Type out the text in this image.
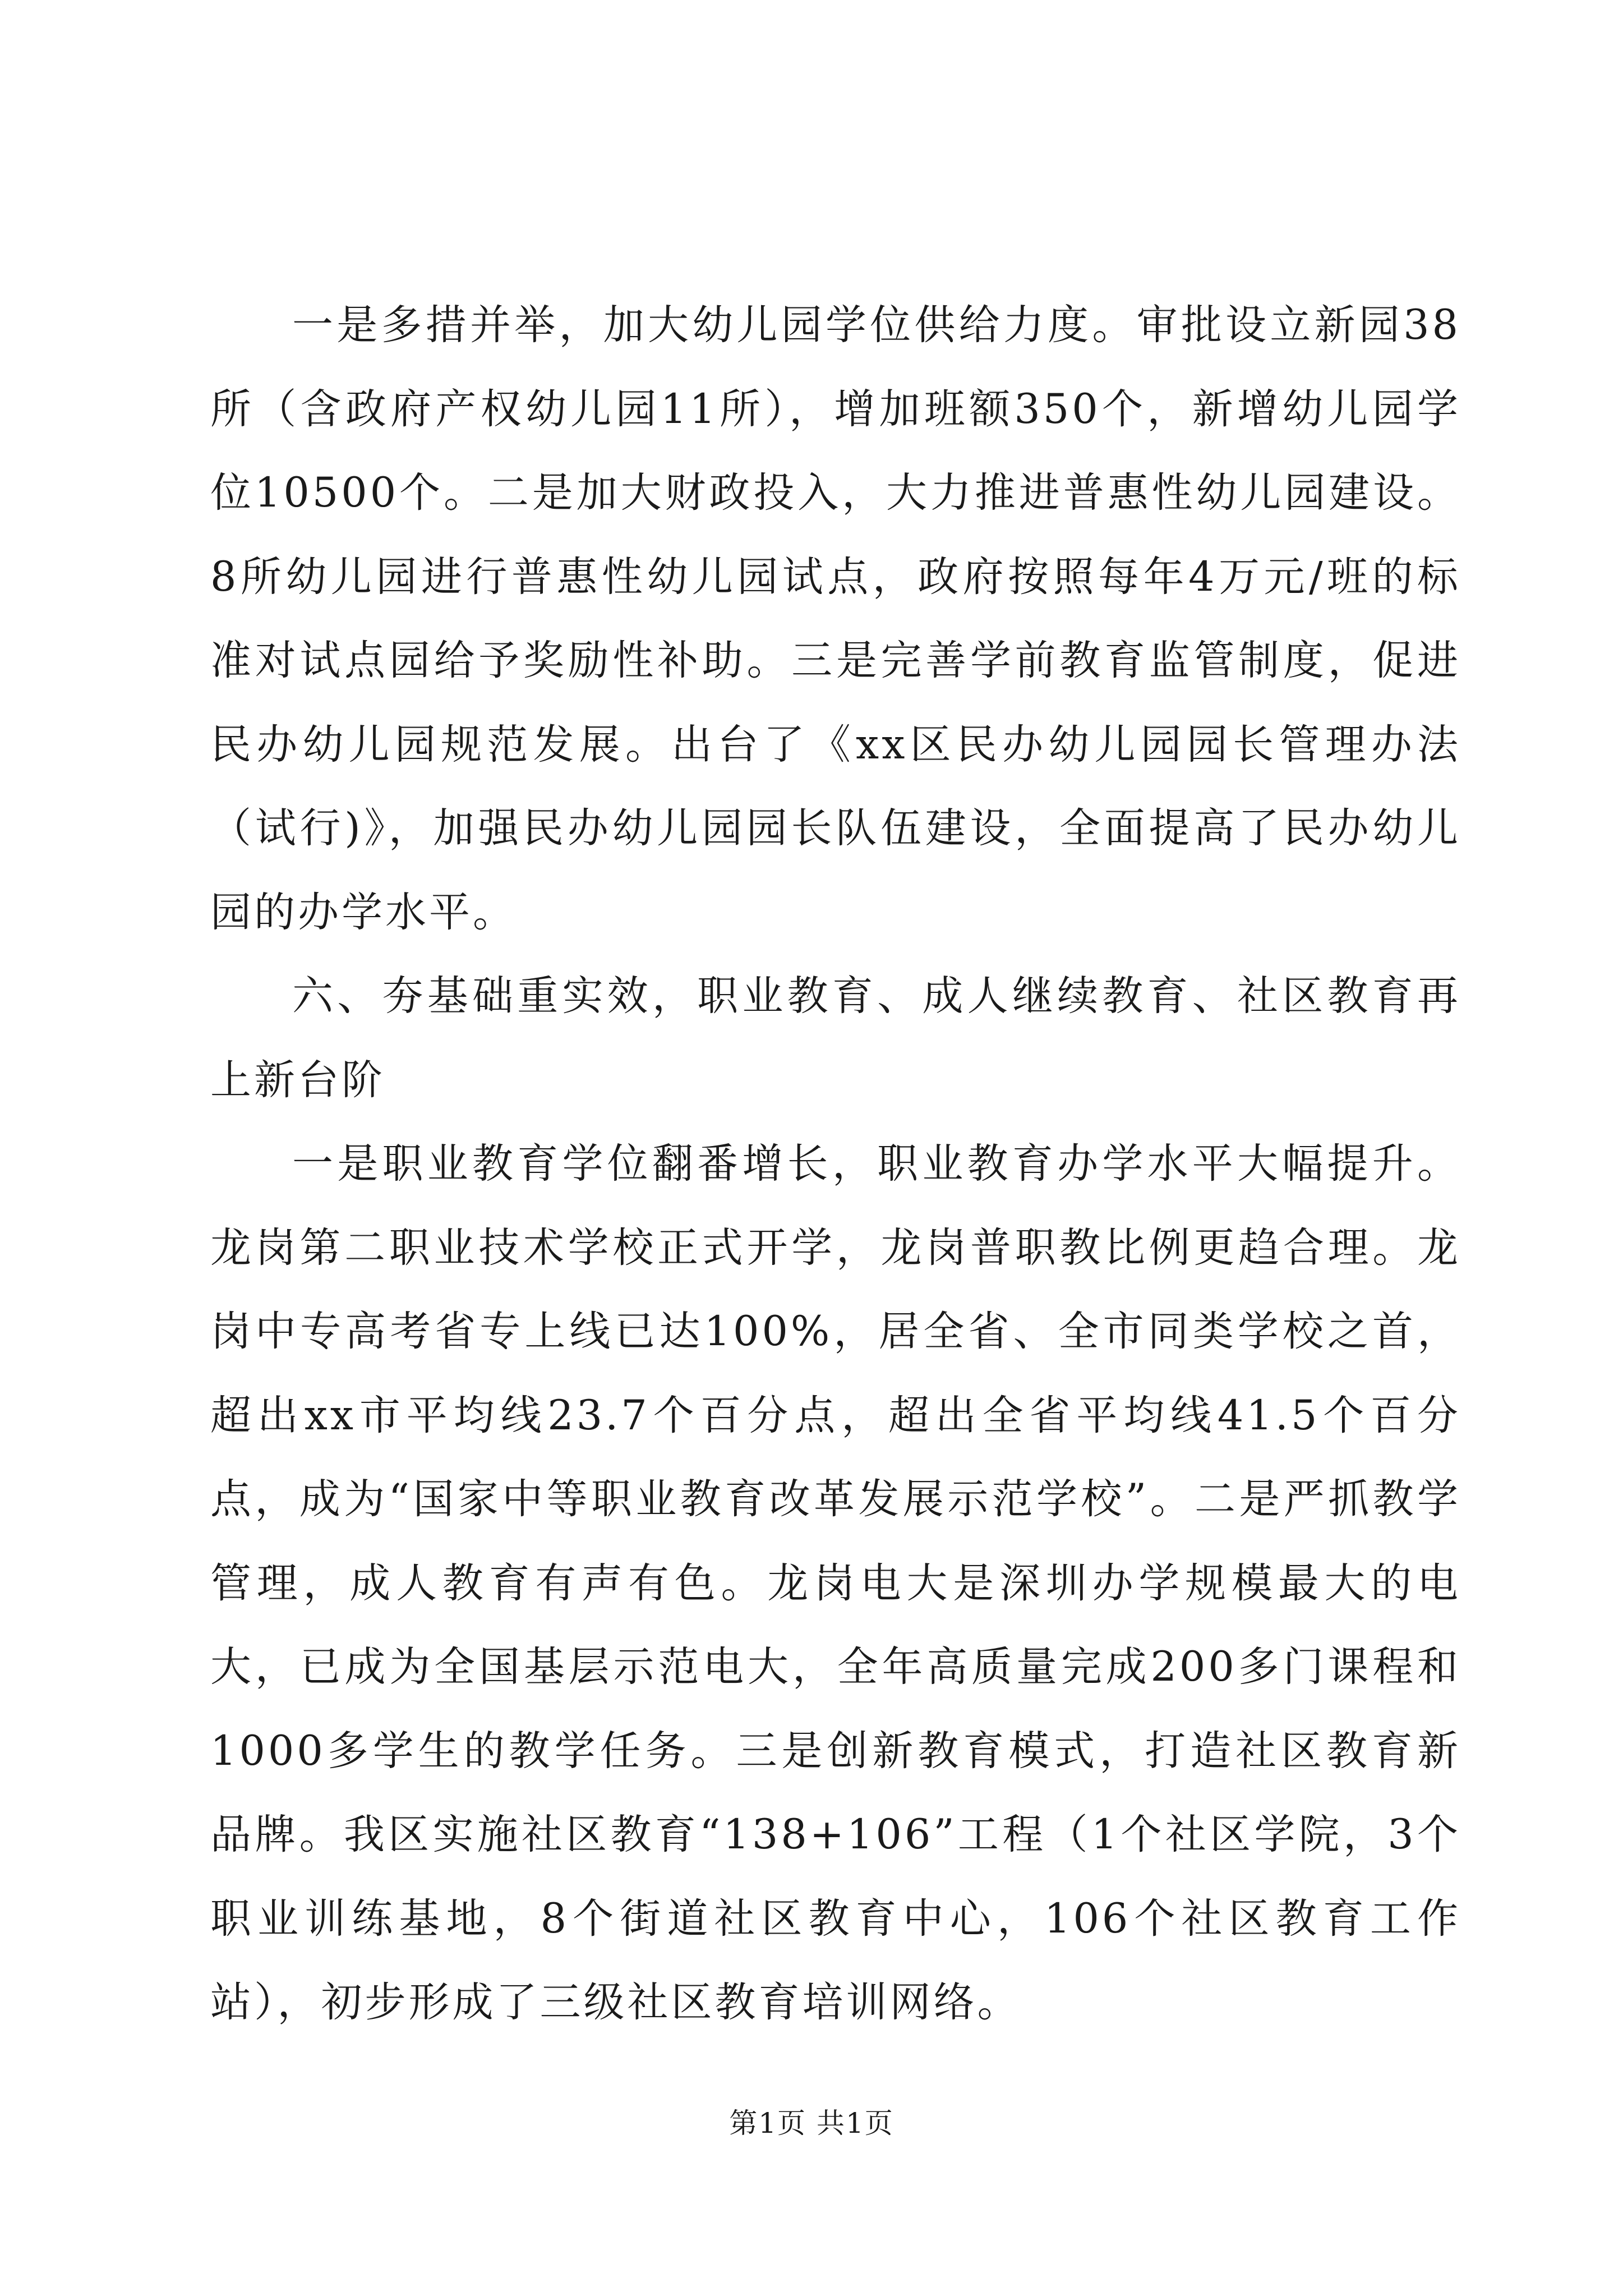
一是多措并举，加大幼儿园学位供给力度。审批设立新园38所（含政府产权幼儿园11所），增加班额350个，新增幼儿园学位10500个。二是加大财政投入，大力推进普惠性幼儿园建设。8所幼儿园进行普惠性幼儿园试点，政府按照每年4万元/班的标准对试点园给予奖励性补助。三是完善学前教育监管制度，促进民办幼儿园规范发展。出台了《xx区民办幼儿园园长管理办法（试行)》，加强民办幼儿园园长队伍建设，全面提高了民办幼儿园的办学水平。

六、夯基础重实效，职业教育、成人继续教育、社区教育再上新台阶

一是职业教育学位翻番增长，职业教育办学水平大幅提升。龙岗第二职业技术学校正式开学，龙岗普职教比例更趋合理。龙岗中专高考省专上线已达100%，居全省、全市同类学校之首，超出xx市平均线23.7个百分点，超出全省平均线41.5个百分点，成为“国家中等职业教育改革发展示范学校”。二是严抓教学管理，成人教育有声有色。龙岗电大是深圳办学规模最大的电大，已成为全国基层示范电大，全年高质量完成200多门课程和1000多学生的教学任务。三是创新教育模式，打造社区教育新品牌。我区实施社区教育“138+106”工程（1个社区学院，3个职业训练基地，8个街道社区教育中心，106个社区教育工作站），初步形成了三级社区教育培训网络。

第1页 共1页
